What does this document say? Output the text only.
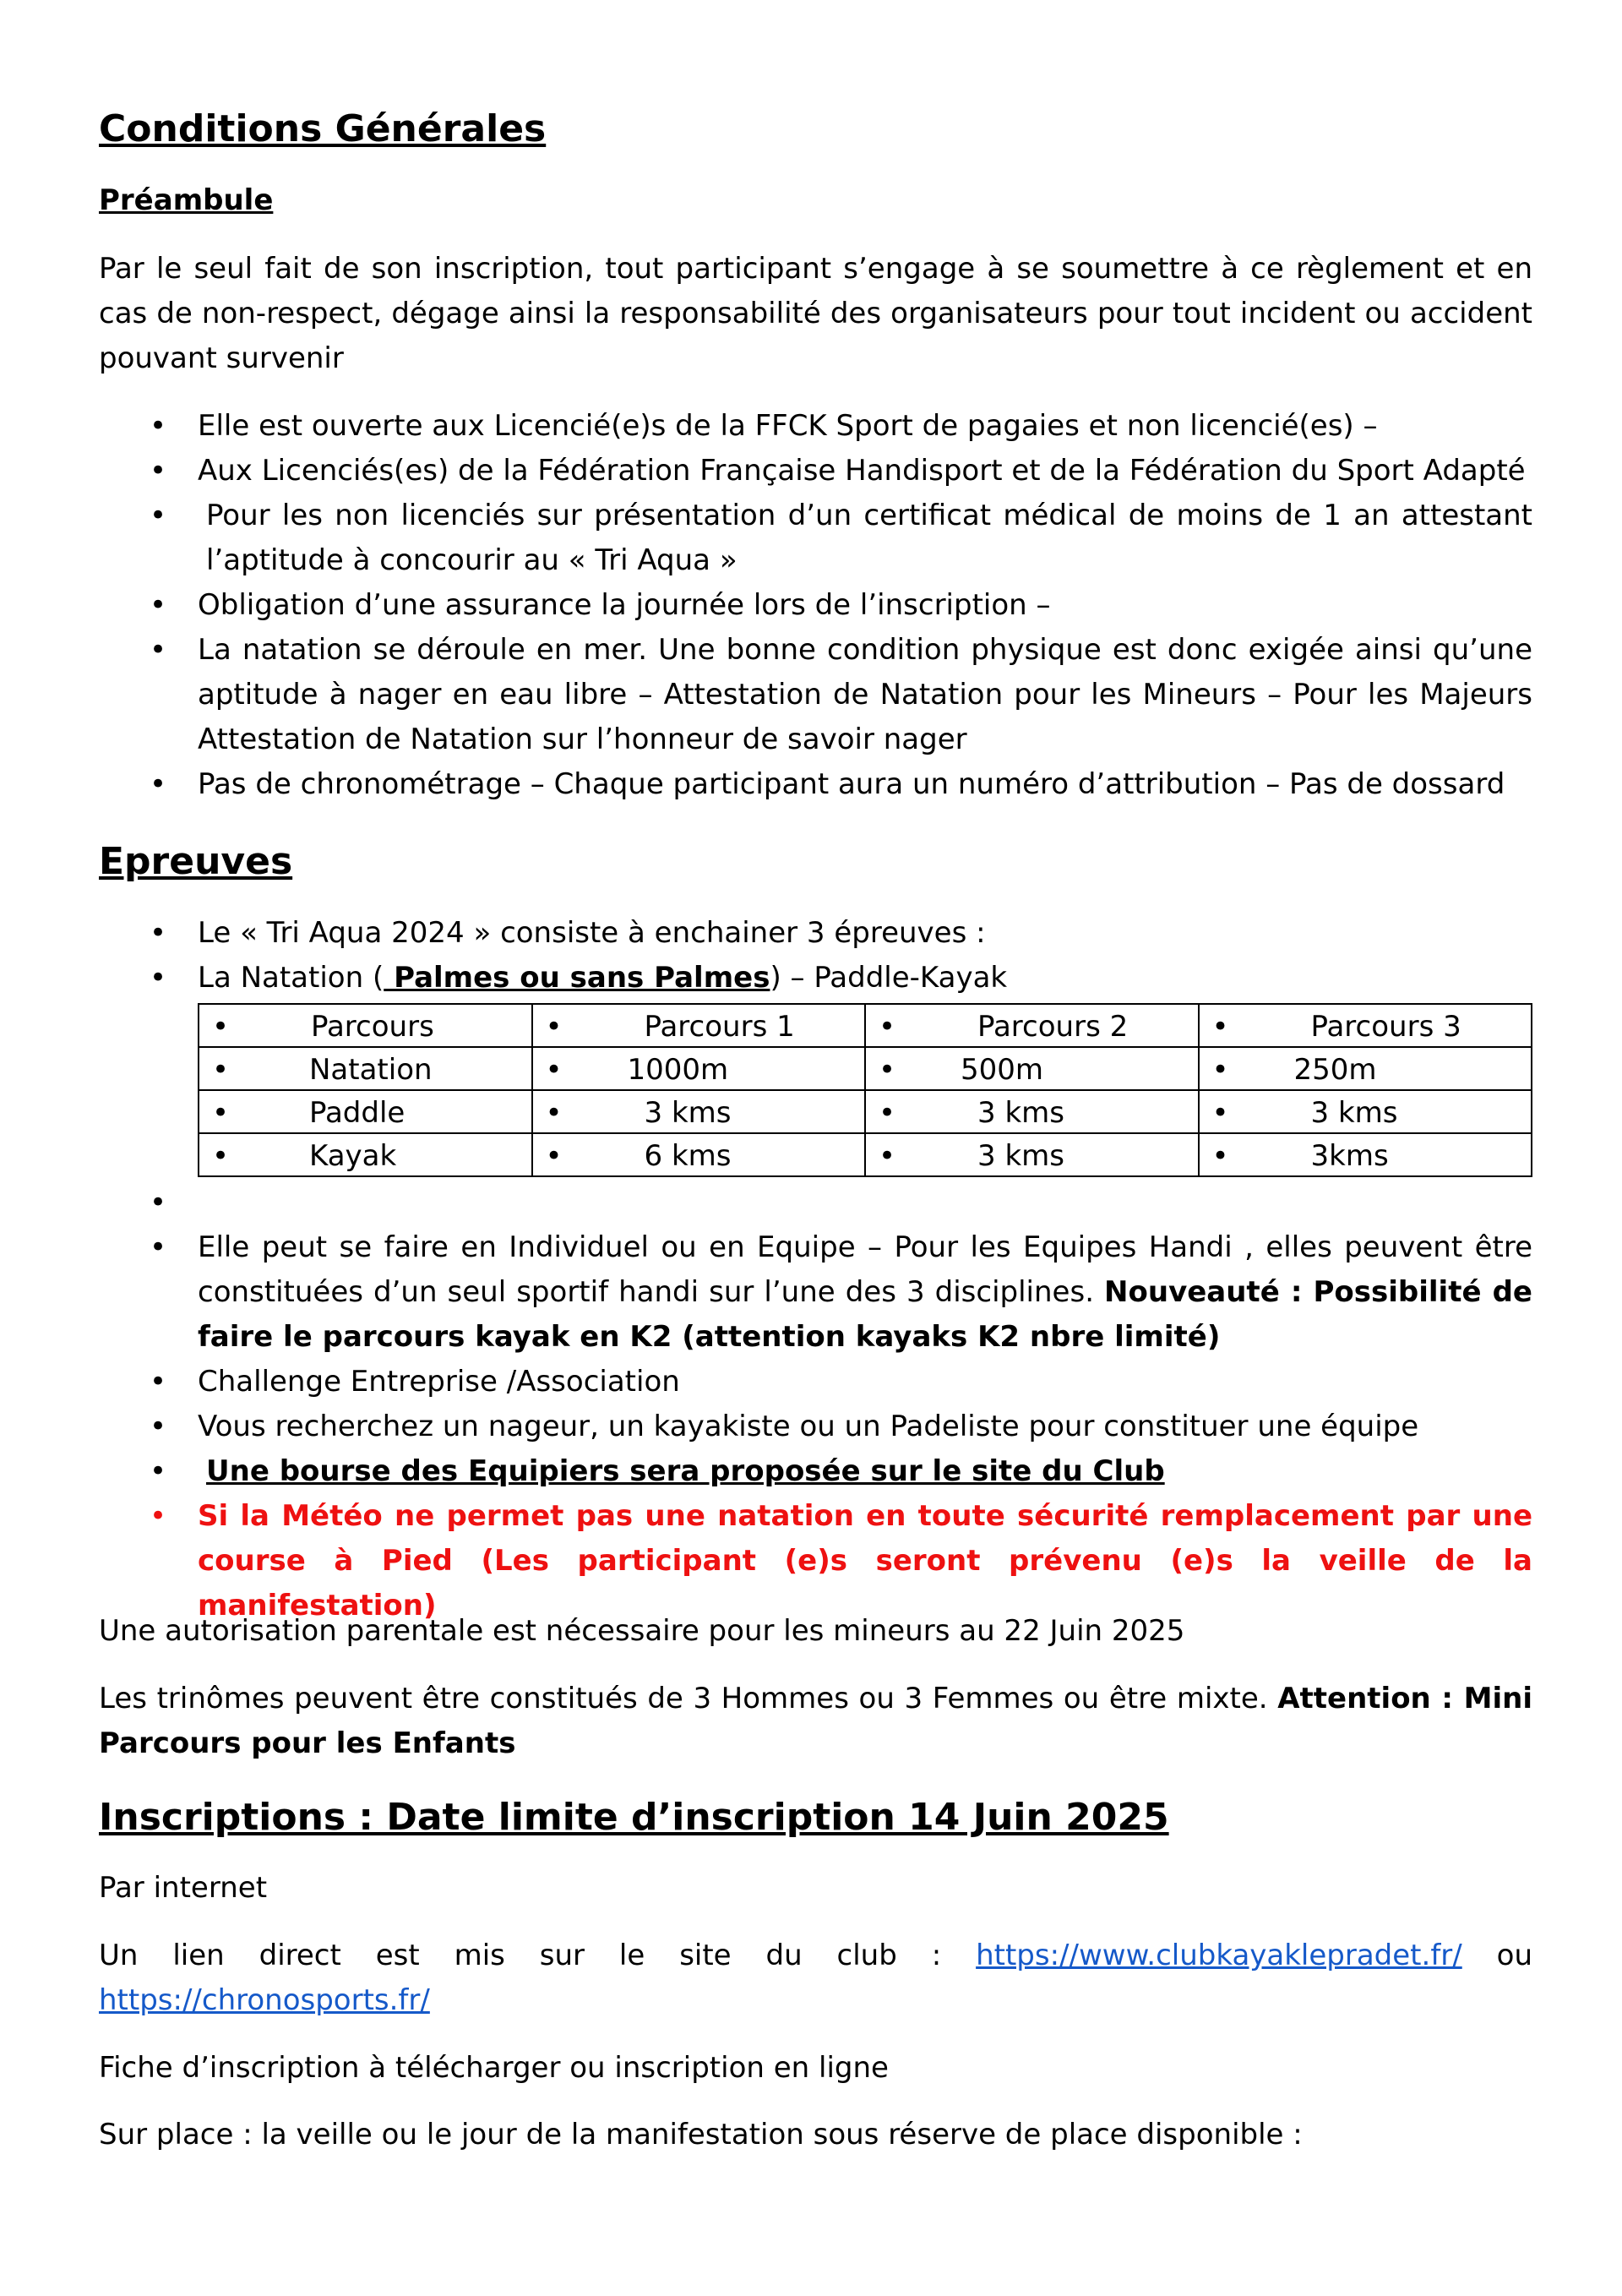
Conditions Générales
Préambule
Par le seul fait de son inscription, tout participant s’engage à se soumettre à ce règlement et en cas de non-respect, dégage ainsi la responsabilité des organisateurs pour tout incident ou accident pouvant survenir
• Elle est ouverte aux Licencié(e)s de la FFCK Sport de pagaies et non licencié(es) –
• Aux Licenciés(es) de la Fédération Française Handisport et de la Fédération du Sport Adapté
• Pour les non licenciés sur présentation d’un certificat médical de moins de 1 an attestant l’aptitude à concourir au « Tri Aqua »
• Obligation d’une assurance la journée lors de l’inscription –
• La natation se déroule en mer. Une bonne condition physique est donc exigée ainsi qu’une aptitude à nager en eau libre – Attestation de Natation pour les Mineurs – Pour les Majeurs Attestation de Natation sur l’honneur de savoir nager
• Pas de chronométrage – Chaque participant aura un numéro d’attribution – Pas de dossard
Epreuves
• Le « Tri Aqua 2024 » consiste à enchainer 3 épreuves :
• La Natation ( Palmes ou sans Palmes) – Paddle-Kayak
• Parcours	• Parcours 1	• Parcours 2	• Parcours 3

• Natation	• 1000m	• 500m	• 250m

• Paddle	• 3 kms	• 3 kms	• 3 kms

• Kayak	• 6 kms	• 3 kms	• 3kms
•

• Elle peut se faire en Individuel ou en Equipe – Pour les Equipes Handi , elles peuvent être constituées d’un seul sportif handi sur l’une des 3 disciplines. Nouveauté : Possibilité de faire le parcours kayak en K2 (attention kayaks K2 nbre limité)
• Challenge Entreprise /Association
• Vous recherchez un nageur, un kayakiste ou un Padeliste pour constituer une équipe
• Une bourse des Equipiers sera proposée sur le site du Club
• Si la Météo ne permet pas une natation en toute sécurité remplacement par une course à Pied (Les participant (e)s seront prévenu (e)s la veille de la manifestation)
Une autorisation parentale est nécessaire pour les mineurs au 22 Juin 2025
Les trinômes peuvent être constitués de 3 Hommes ou 3 Femmes ou être mixte. Attention : Mini Parcours pour les Enfants
Inscriptions : Date limite d’inscription 14 Juin 2025
Par internet
Un lien direct est mis sur le site du club : https://www.clubkayaklepradet.fr/ ou https://chronosports.fr/
Fiche d’inscription à télécharger ou inscription en ligne
Sur place : la veille ou le jour de la manifestation sous réserve de place disponible :
